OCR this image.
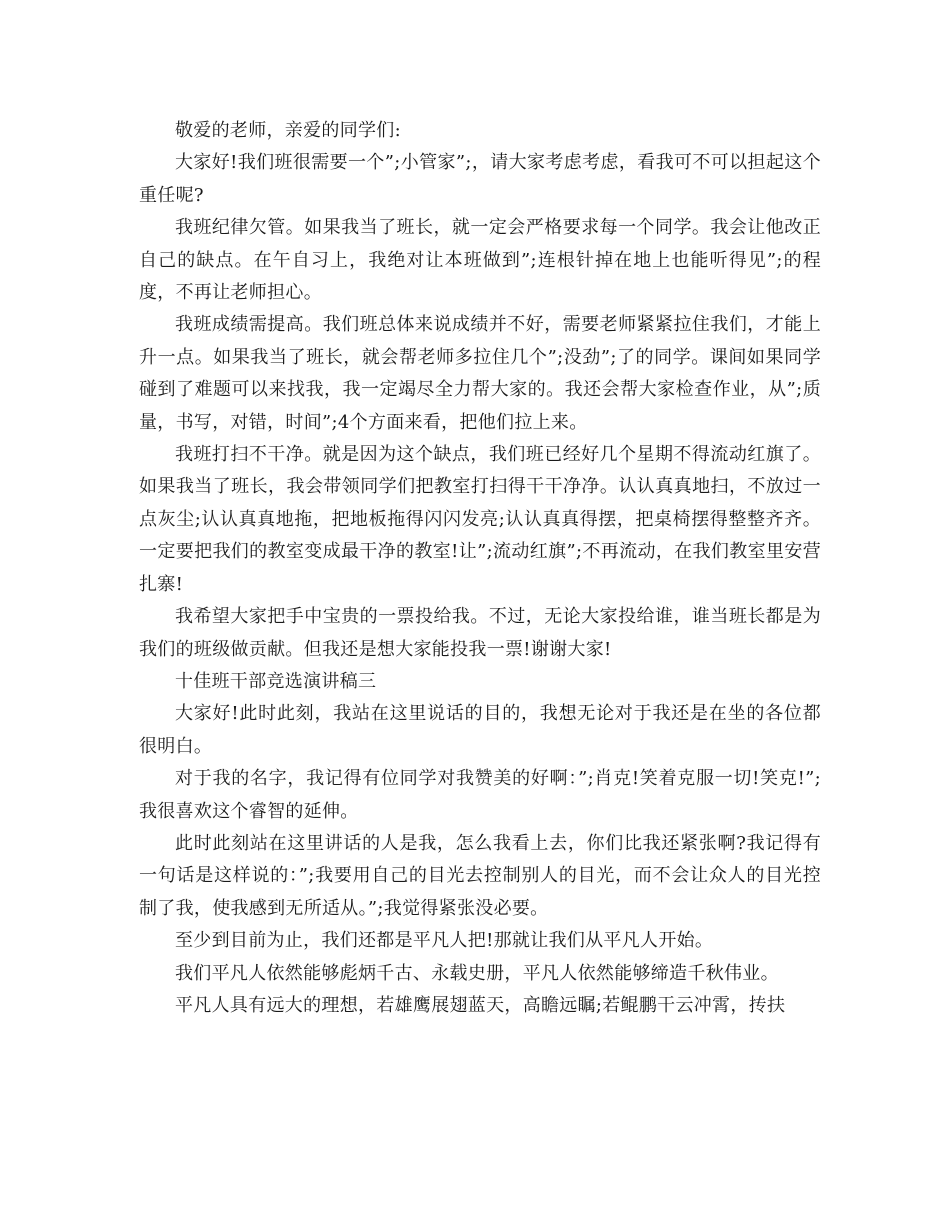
敬爱的老师，亲爱的同学们:

大家好!我们班很需要一个”;小管家”;，请大家考虑考虑，看我可不可以担起这个重任呢?

我班纪律欠管。如果我当了班长，就一定会严格要求每一个同学。我会让他改正自己的缺点。在午自习上，我绝对让本班做到”;连根针掉在地上也能听得见”;的程度，不再让老师担心。

我班成绩需提高。我们班总体来说成绩并不好，需要老师紧紧拉住我们，才能上升一点。如果我当了班长，就会帮老师多拉住几个”;没劲”;了的同学。课间如果同学碰到了难题可以来找我，我一定竭尽全力帮大家的。我还会帮大家检查作业，从”;质量，书写，对错，时间”;4个方面来看，把他们拉上来。

我班打扫不干净。就是因为这个缺点，我们班已经好几个星期不得流动红旗了。如果我当了班长，我会带领同学们把教室打扫得干干净净。认认真真地扫，不放过一点灰尘;认认真真地拖，把地板拖得闪闪发亮;认认真真得摆，把桌椅摆得整整齐齐。一定要把我们的教室变成最干净的教室!让”;流动红旗”;不再流动，在我们教室里安营扎寨!

我希望大家把手中宝贵的一票投给我。不过，无论大家投给谁，谁当班长都是为我们的班级做贡献。但我还是想大家能投我一票!谢谢大家!

十佳班干部竞选演讲稿三

大家好!此时此刻，我站在这里说话的目的，我想无论对于我还是在坐的各位都很明白。

对于我的名字，我记得有位同学对我赞美的好啊：”;肖克!笑着克服一切!笑克!”;我很喜欢这个睿智的延伸。

此时此刻站在这里讲话的人是我，怎么我看上去，你们比我还紧张啊?我记得有一句话是这样说的：”;我要用自己的目光去控制别人的目光，而不会让众人的目光控制了我，使我感到无所适从。”;我觉得紧张没必要。

至少到目前为止，我们还都是平凡人把!那就让我们从平凡人开始。

我们平凡人依然能够彪炳千古、永载史册，平凡人依然能够缔造千秋伟业。

平凡人具有远大的理想，若雄鹰展翅蓝天，高瞻远瞩;若鲲鹏干云冲霄，抟扶
